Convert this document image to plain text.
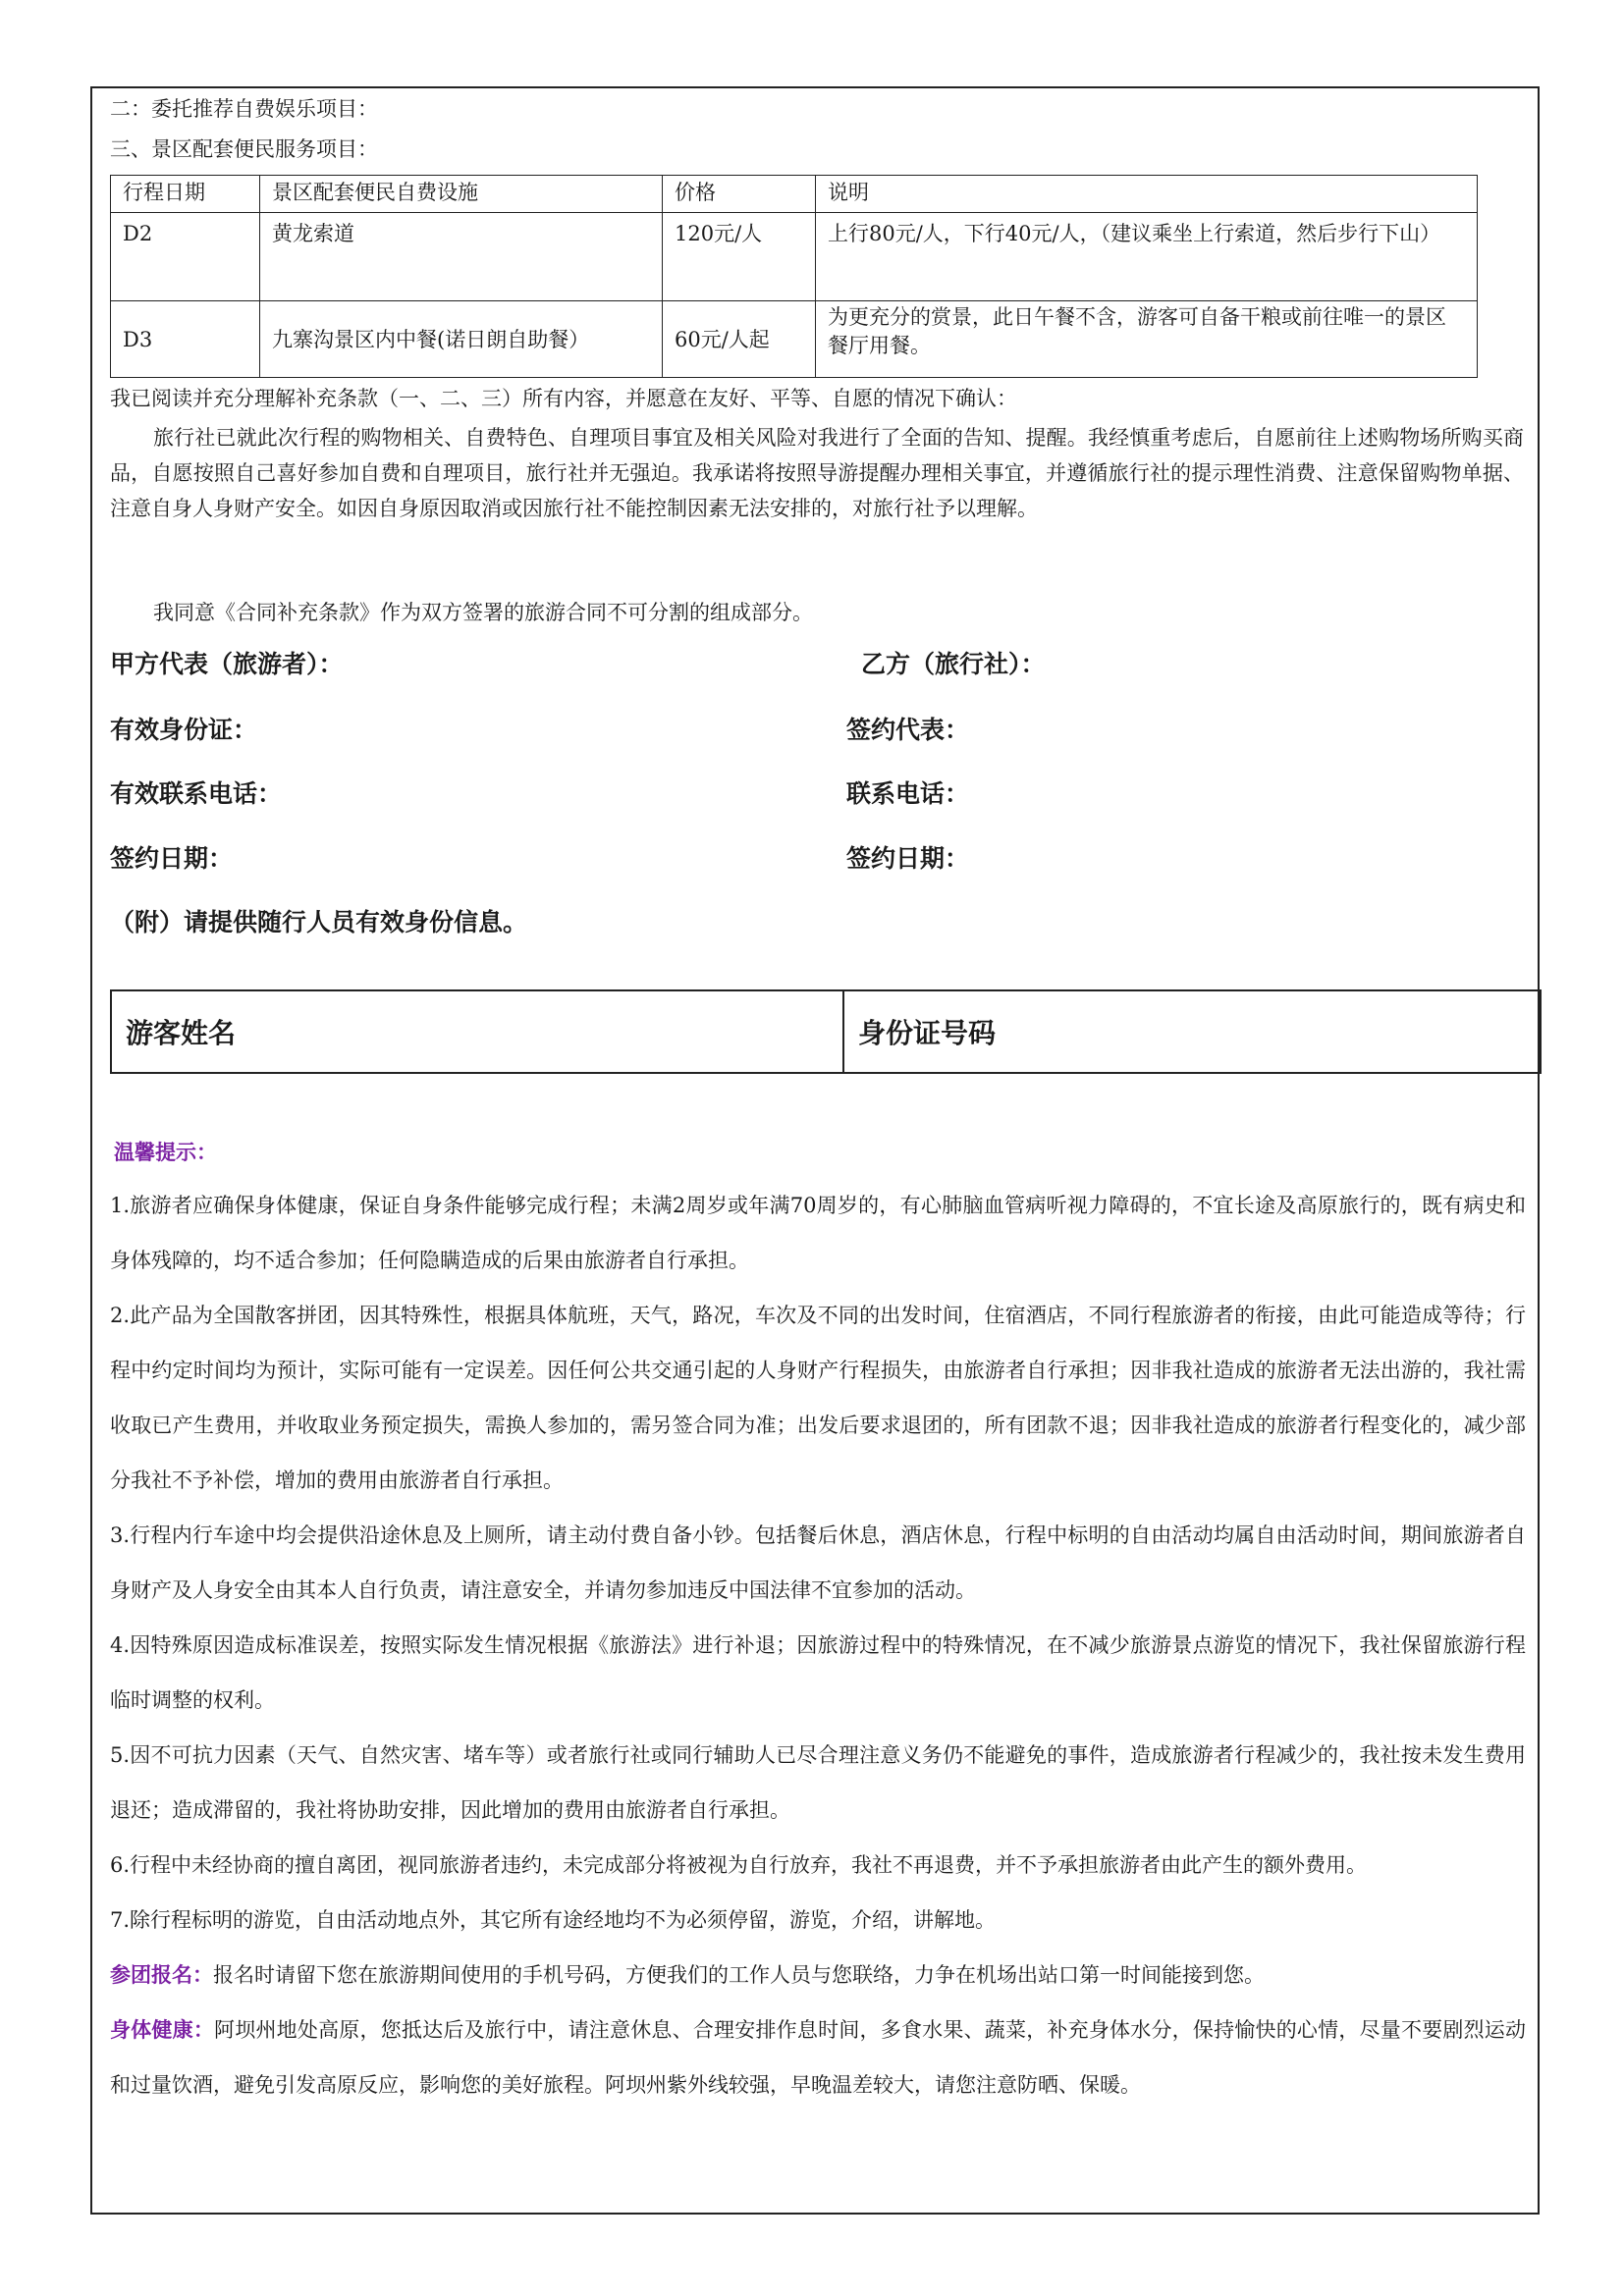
二：委托推荐自费娱乐项目：
三、景区配套便民服务项目：
行程日期	景区配套便民自费设施	价格	说明
D2	黄龙索道	120元/人	上行80元/人，下行40元/人，（建议乘坐上行索道，然后步行下山）
D3	九寨沟景区内中餐(诺日朗自助餐）	60元/人起	为更充分的赏景，此日午餐不含，游客可自备干粮或前往唯一的景区餐厅用餐。
我已阅读并充分理解补充条款（一、二、三）所有内容，并愿意在友好、平等、自愿的情况下确认：
旅行社已就此次行程的购物相关、自费特色、自理项目事宜及相关风险对我进行了全面的告知、提醒。我经慎重考虑后，自愿前往上述购物场所购买商品，自愿按照自己喜好参加自费和自理项目，旅行社并无强迫。我承诺将按照导游提醒办理相关事宜，并遵循旅行社的提示理性消费、注意保留购物单据、注意自身人身财产安全。如因自身原因取消或因旅行社不能控制因素无法安排的，对旅行社予以理解。
我同意《合同补充条款》作为双方签署的旅游合同不可分割的组成部分。
甲方代表（旅游者）：	乙方（旅行社）：
有效身份证：	签约代表：
有效联系电话：	联系电话：
签约日期：	签约日期：
（附）请提供随行人员有效身份信息。
游客姓名	身份证号码
温馨提示：
1.旅游者应确保身体健康，保证自身条件能够完成行程；未满2周岁或年满70周岁的，有心肺脑血管病听视力障碍的，不宜长途及高原旅行的，既有病史和身体残障的，均不适合参加；任何隐瞒造成的后果由旅游者自行承担。
2.此产品为全国散客拼团，因其特殊性，根据具体航班，天气，路况，车次及不同的出发时间，住宿酒店，不同行程旅游者的衔接，由此可能造成等待；行程中约定时间均为预计，实际可能有一定误差。因任何公共交通引起的人身财产行程损失，由旅游者自行承担；因非我社造成的旅游者无法出游的，我社需收取已产生费用，并收取业务预定损失，需换人参加的，需另签合同为准；出发后要求退团的，所有团款不退；因非我社造成的旅游者行程变化的，减少部分我社不予补偿，增加的费用由旅游者自行承担。
3.行程内行车途中均会提供沿途休息及上厕所，请主动付费自备小钞。包括餐后休息，酒店休息，行程中标明的自由活动均属自由活动时间，期间旅游者自身财产及人身安全由其本人自行负责，请注意安全，并请勿参加违反中国法律不宜参加的活动。
4.因特殊原因造成标准误差，按照实际发生情况根据《旅游法》进行补退；因旅游过程中的特殊情况，在不减少旅游景点游览的情况下，我社保留旅游行程临时调整的权利。
5.因不可抗力因素（天气、自然灾害、堵车等）或者旅行社或同行辅助人已尽合理注意义务仍不能避免的事件，造成旅游者行程减少的，我社按未发生费用退还；造成滞留的，我社将协助安排，因此增加的费用由旅游者自行承担。
6.行程中未经协商的擅自离团，视同旅游者违约，未完成部分将被视为自行放弃，我社不再退费，并不予承担旅游者由此产生的额外费用。
7.除行程标明的游览，自由活动地点外，其它所有途经地均不为必须停留，游览，介绍，讲解地。
参团报名：报名时请留下您在旅游期间使用的手机号码，方便我们的工作人员与您联络，力争在机场出站口第一时间能接到您。
身体健康：阿坝州地处高原，您抵达后及旅行中，请注意休息、合理安排作息时间，多食水果、蔬菜，补充身体水分，保持愉快的心情，尽量不要剧烈运动和过量饮酒，避免引发高原反应，影响您的美好旅程。阿坝州紫外线较强，早晚温差较大，请您注意防晒、保暖。
